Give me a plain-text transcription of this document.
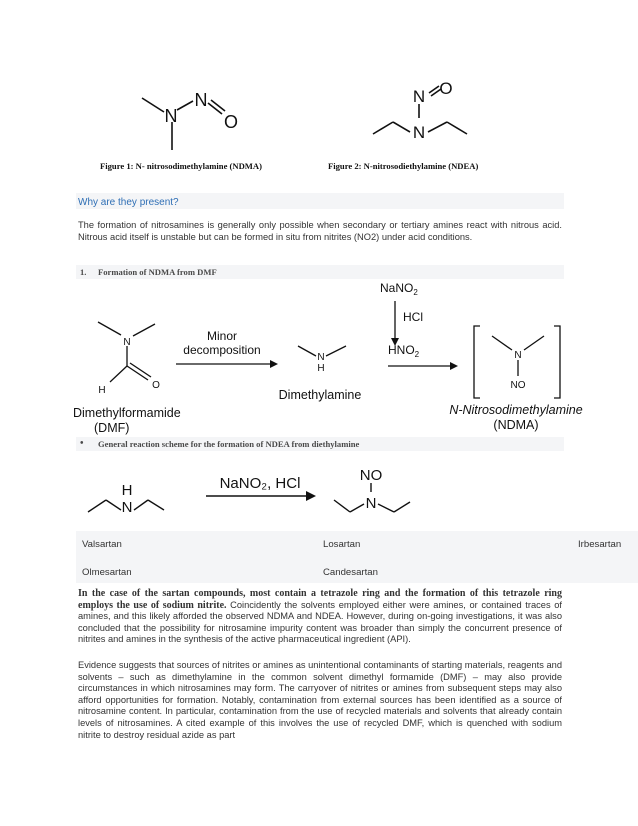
N
N
O
N O
N
Figure 1: N- nitrosodimethylamine (NDMA)	Figure 2: N-nitrosodiethylamine (NDEA)
Why are they present?
The formation of nitrosamines is generally only possible when secondary or tertiary amines react with nitrous acid. Nitrous acid itself is unstable but can be formed in situ from nitrites (NO2) under acid conditions.
1. Formation of NDMA from DMF
N
H	O
Minor
decomposition
N
H
NaNO$_2$
HCl
$HNO_2$	N
NO
Dimethylformamide
(DMF)
Dimethylamine
N-Nitrosodimethylamine
(NDMA)
• General reaction scheme for the formation of NDEA from diethylamine
H
N
NaNO₂, HCl	NO
N
Valsartan	Losartan	Irbesartan
Olmesartan	Candesartan
In the case of the sartan compounds, most contain a tetrazole ring and the formation of this tetrazole ring employs the use of sodium nitrite. Coincidently the solvents employed either were amines, or contained traces of amines, and this likely afforded the observed NDMA and NDEA. However, during on-going investigations, it was also concluded that the possibility for nitrosamine impurity content was broader than simply the concurrent presence of nitrites and amines in the synthesis of the active pharmaceutical ingredient (API).
Evidence suggests that sources of nitrites or amines as unintentional contaminants of starting materials, reagents and solvents – such as dimethylamine in the common solvent dimethyl formamide (DMF) – may also provide circumstances in which nitrosamines may form. The carryover of nitrites or amines from subsequent steps may also afford opportunities for formation. Notably, contamination from external sources has been identified as a source of nitrosamine content. In particular, contamination from the use of recycled materials and solvents that already contain levels of nitrosamines. A cited example of this involves the use of recycled DMF, which is quenched with sodium nitrite to destroy residual azide as part
